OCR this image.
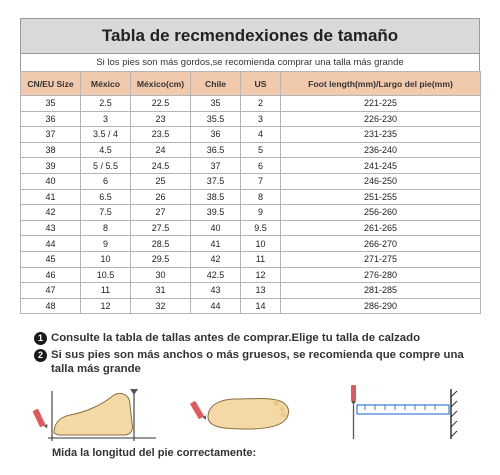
Tabla de recmendexiones de tamaño
Si los pies son más gordos,se recomienda comprar una talla más grande
CN/EU Size	México	México(cm)	Chile	US	Foot length(mm)/Largo del pie(mm)
35	2.5	22.5	35	2	221-225
36	3	23	35.5	3	226-230
37	3.5 / 4	23.5	36	4	231-235
38	4.5	24	36.5	5	236-240
39	5 / 5.5	24.5	37	6	241-245
40	6	25	37.5	7	246-250
41	6.5	26	38.5	8	251-255
42	7.5	27	39.5	9	256-260
43	8	27.5	40	9.5	261-265
44	9	28.5	41	10	266-270
45	10	29.5	42	11	271-275
46	10.5	30	42.5	12	276-280
47	11	31	43	13	281-285
48	12	32	44	14	286-290
1 Consulte la tabla de tallas antes de comprar.Elige tu talla de calzado
2 Si sus pies son más anchos o más gruesos, se recomienda que compre una talla más grande
Mida la longitud del pie correctamente:
